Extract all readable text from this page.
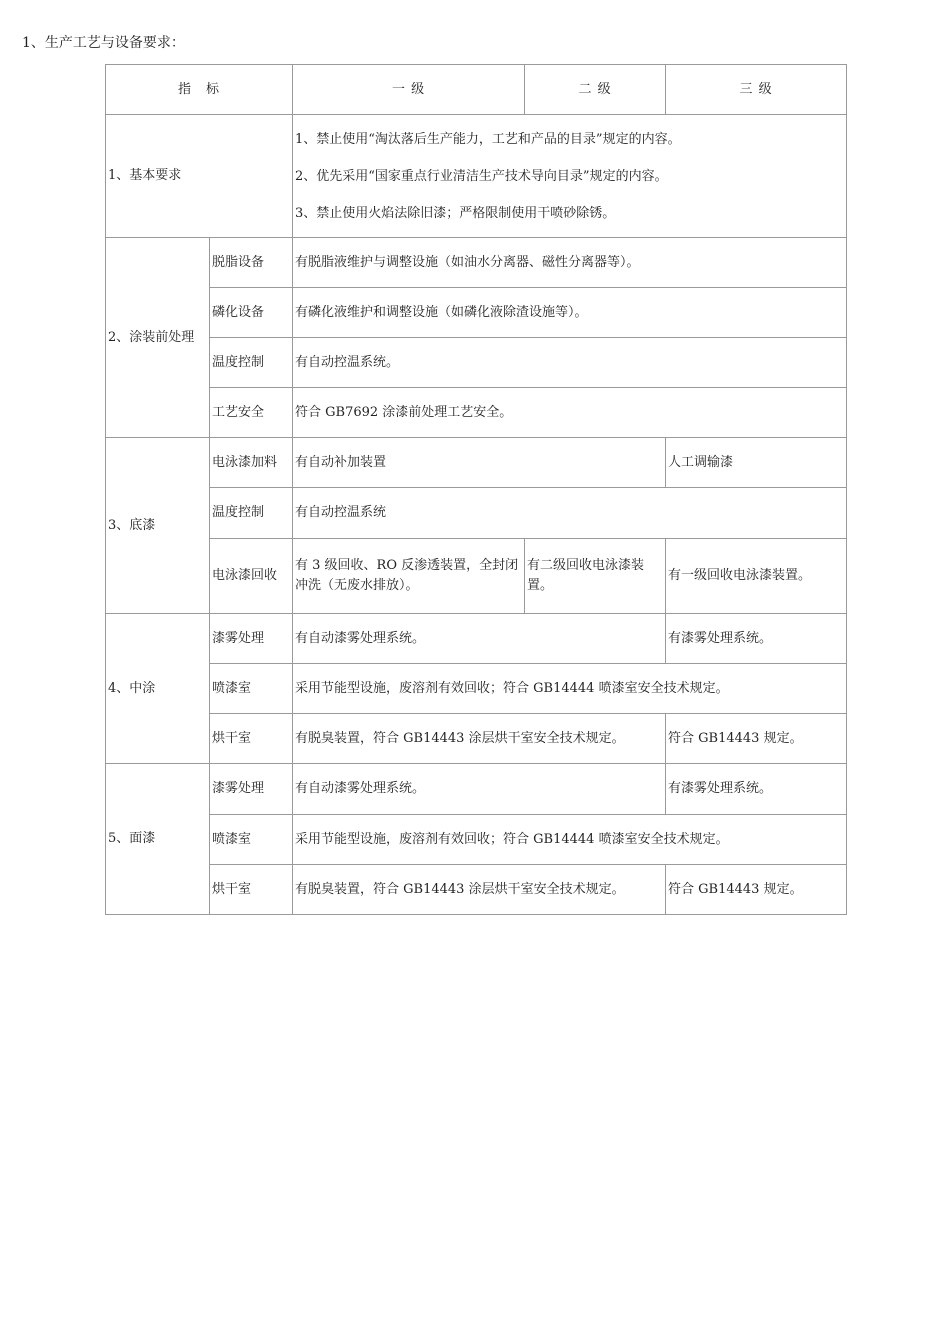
1、生产工艺与设备要求：
指　标		一 级	二 级	三 级
1、基本要求		1、禁止使用“淘汰落后生产能力，工艺和产品的目录”规定的内容。
2、优先采用“国家重点行业清洁生产技术导向目录”规定的内容。
3、禁止使用火焰法除旧漆；严格限制使用干喷砂除锈。		

2、涂装前处理	脱脂设备	有脱脂液维护与调整设施（如油水分离器、磁性分离器等）。		
	磷化设备	有磷化液维护和调整设施（如磷化液除渣设施等）。		
	温度控制	有自动控温系统。		
	工艺安全	符合 GB7692 涂漆前处理工艺安全。		
3、底漆	电泳漆加料	有自动补加装置		人工调输漆
	温度控制	有自动控温系统		
	电泳漆回收	有 3 级回收、RO 反渗透装置，全封闭冲洗（无废水排放）。	有二级回收电泳漆装置。	有一级回收电泳漆装置。
4、中涂	漆雾处理	有自动漆雾处理系统。		有漆雾处理系统。
	喷漆室	采用节能型设施，废溶剂有效回收；符合 GB14444 喷漆室安全技术规定。		
	烘干室	有脱臭装置，符合 GB14443 涂层烘干室安全技术规定。		符合 GB14443 规定。
5、面漆	漆雾处理	有自动漆雾处理系统。		有漆雾处理系统。
	喷漆室	采用节能型设施，废溶剂有效回收；符合 GB14444 喷漆室安全技术规定。		
	烘干室	有脱臭装置，符合 GB14443 涂层烘干室安全技术规定。		符合 GB14443 规定。
